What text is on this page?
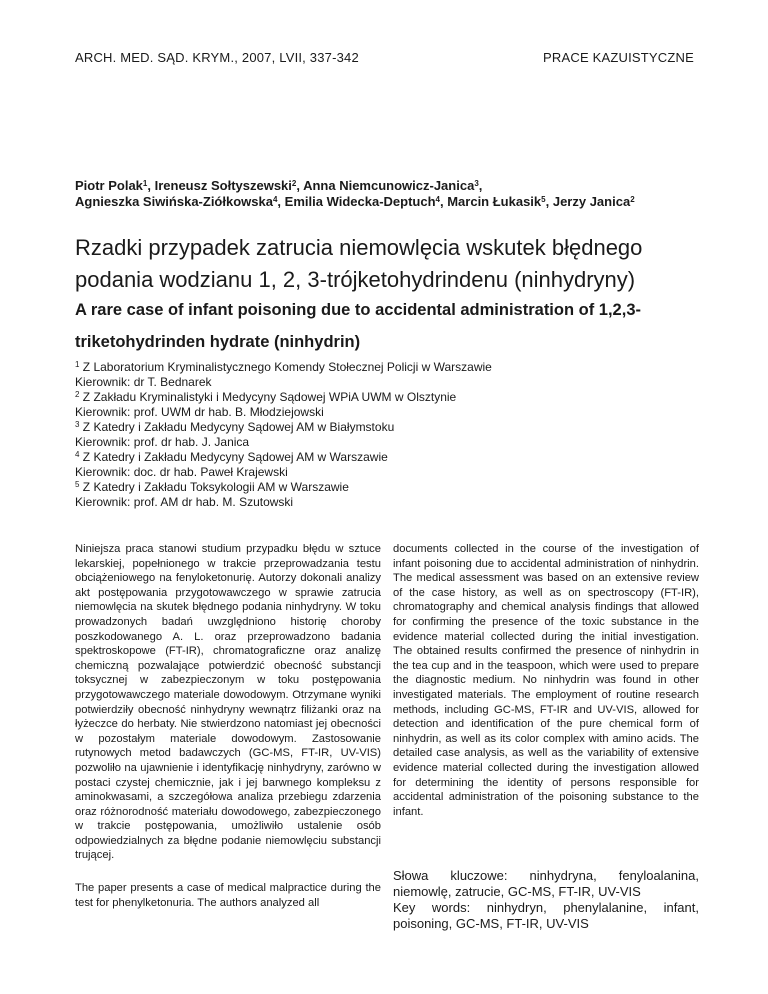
ARCH. MED. SĄD. KRYM., 2007, LVII, 337-342	PRACE KAZUISTYCZNE
Piotr Polak$^1$, Ireneusz Sołtyszewski$^2$, Anna Niemcunowicz-Janica$^3$,
Agnieszka Siwińska-Ziółkowska$^4$, Emilia Widecka-Deptuch$^4$, Marcin Łukasik$^5$, Jerzy Janica$^2$
Rzadki przypadek zatrucia niemowlęcia wskutek błędnego podania wodzianu 1, 2, 3-trójketohydrindenu (ninhydryny)
A rare case of infant poisoning due to accidental administration of 1,2,3-triketohydrinden hydrate (ninhydrin)
$^1$ Z Laboratorium Kryminalistycznego Komendy Stołecznej Policji w Warszawie
Kierownik: dr T. Bednarek
$^2$ Z Zakładu Kryminalistyki i Medycyny Sądowej WPiA UWM w Olsztynie
Kierownik: prof. UWM dr hab. B. Młodziejowski
$^3$ Z Katedry i Zakładu Medycyny Sądowej AM w Białymstoku
Kierownik: prof. dr hab. J. Janica
$^4$ Z Katedry i Zakładu Medycyny Sądowej AM w Warszawie
Kierownik: doc. dr hab. Paweł Krajewski
$^5$ Z Katedry i Zakładu Toksykologii AM w Warszawie
Kierownik: prof. AM dr hab. M. Szutowski

Niniejsza praca stanowi studium przypadku błędu w sztuce lekarskiej, popełnionego w trakcie przeprowadzania testu obciążeniowego na fenyloketonurię. Autorzy dokonali analizy akt postępowania przygotowawczego w sprawie zatrucia niemowlęcia na skutek błędnego podania ninhydryny. W toku prowadzonych badań uwzględniono historię choroby poszkodowanego A. L. oraz przeprowadzono badania spektroskopowe (FT-IR), chromatograficzne oraz analizę chemiczną pozwalające potwierdzić obecność substancji toksycznej w zabezpieczonym w toku postępowania przygotowawczego materiale dowodowym. Otrzymane wyniki potwierdziły obecność ninhydryny wewnątrz filiżanki oraz na łyżeczce do herbaty. Nie stwierdzono natomiast jej obecności w pozostałym materiale dowodowym. Zastosowanie rutynowych metod badawczych (GC-MS, FT-IR, UV-VIS) pozwoliło na ujawnienie i identyfikację ninhydryny, zarówno w postaci czystej chemicznie, jak i jej barwnego kompleksu z aminokwasami, a szczegółowa analiza przebiegu zdarzenia oraz różnorodność materiału dowodowego, zabezpieczonego w trakcie postępowania, umożliwiło ustalenie osób odpowiedzialnych za błędne podanie niemowlęciu substancji trującej.

The paper presents a case of medical malpractice during the test for phenylketonuria. The authors analyzed all

documents collected in the course of the investigation of infant poisoning due to accidental administration of ninhydrin. The medical assessment was based on an extensive review of the case history, as well as on spectroscopy (FT-IR), chromatography and chemical analysis findings that allowed for confirming the presence of the toxic substance in the evidence material collected during the initial investigation. The obtained results confirmed the presence of ninhydrin in the tea cup and in the teaspoon, which were used to prepare the diagnostic medium. No ninhydrin was found in other investigated materials. The employment of routine research methods, including GC-MS, FT-IR and UV-VIS, allowed for detection and identification of the pure chemical form of ninhydrin, as well as its color complex with amino acids. The detailed case analysis, as well as the variability of extensive evidence material collected during the investigation allowed for determining the identity of persons responsible for accidental administration of the poisoning substance to the infant.

Słowa kluczowe: ninhydryna, fenyloalanina, niemowlę, zatrucie, GC-MS, FT-IR, UV-VIS

Key words: ninhydryn, phenylalanine, infant, poisoning, GC-MS, FT-IR, UV-VIS
